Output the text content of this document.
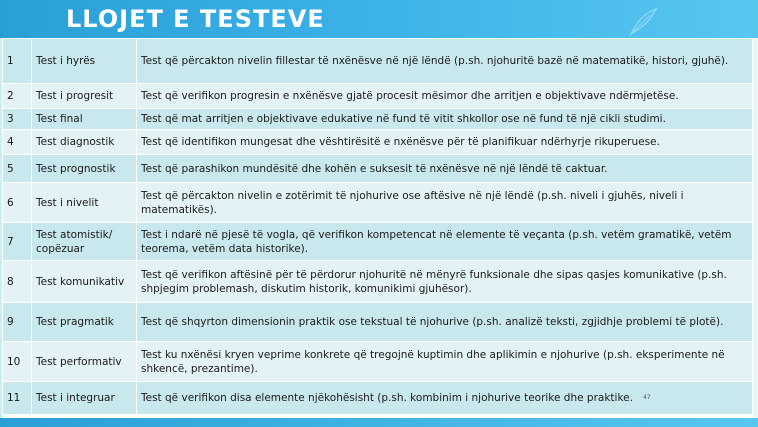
LLOJET E TESTEVE
1	Test i hyrës	Test që përcakton nivelin fillestar të nxënësve në një lëndë (p.sh. njohuritë bazë në matematikë, histori, gjuhë).
2	Test i progresit	Test që verifikon progresin e nxënësve gjatë procesit mësimor dhe arritjen e objektivave ndërmjetëse.
3	Test final	Test që mat arritjen e objektivave edukative në fund të vitit shkollor ose në fund të një cikli studimi.
4	Test diagnostik	Test që identifikon mungesat dhe vështirësitë e nxënësve për të planifikuar ndërhyrje rikuperuese.
5	Test prognostik	Test që parashikon mundësitë dhe kohën e suksesit të nxënësve në një lëndë të caktuar.
6	Test i nivelit	Test që përcakton nivelin e zotërimit të njohurive ose aftësive në një lëndë (p.sh. niveli i gjuhës, niveli i matematikës).
7	Test atomistik/ copëzuar	Test i ndarë në pjesë të vogla, që verifikon kompetencat në elemente të veçanta (p.sh. vetëm gramatikë, vetëm teorema, vetëm data historike).
8	Test komunikativ	Test që verifikon aftësinë për të përdorur njohuritë në mënyrë funksionale dhe sipas qasjes komunikative (p.sh. shpjegim problemash, diskutim historik, komunikimi gjuhësor).
9	Test pragmatik	Test që shqyrton dimensionin praktik ose tekstual të njohurive (p.sh. analizë teksti, zgjidhje problemi të plotë).
10	Test performativ	Test ku nxënësi kryen veprime konkrete që tregojnë kuptimin dhe aplikimin e njohurive (p.sh. eksperimente në shkencë, prezantime).
11	Test i integruar	Test që verifikon disa elemente njëkohësisht (p.sh. kombinim i njohurive teorike dhe praktike. 47
